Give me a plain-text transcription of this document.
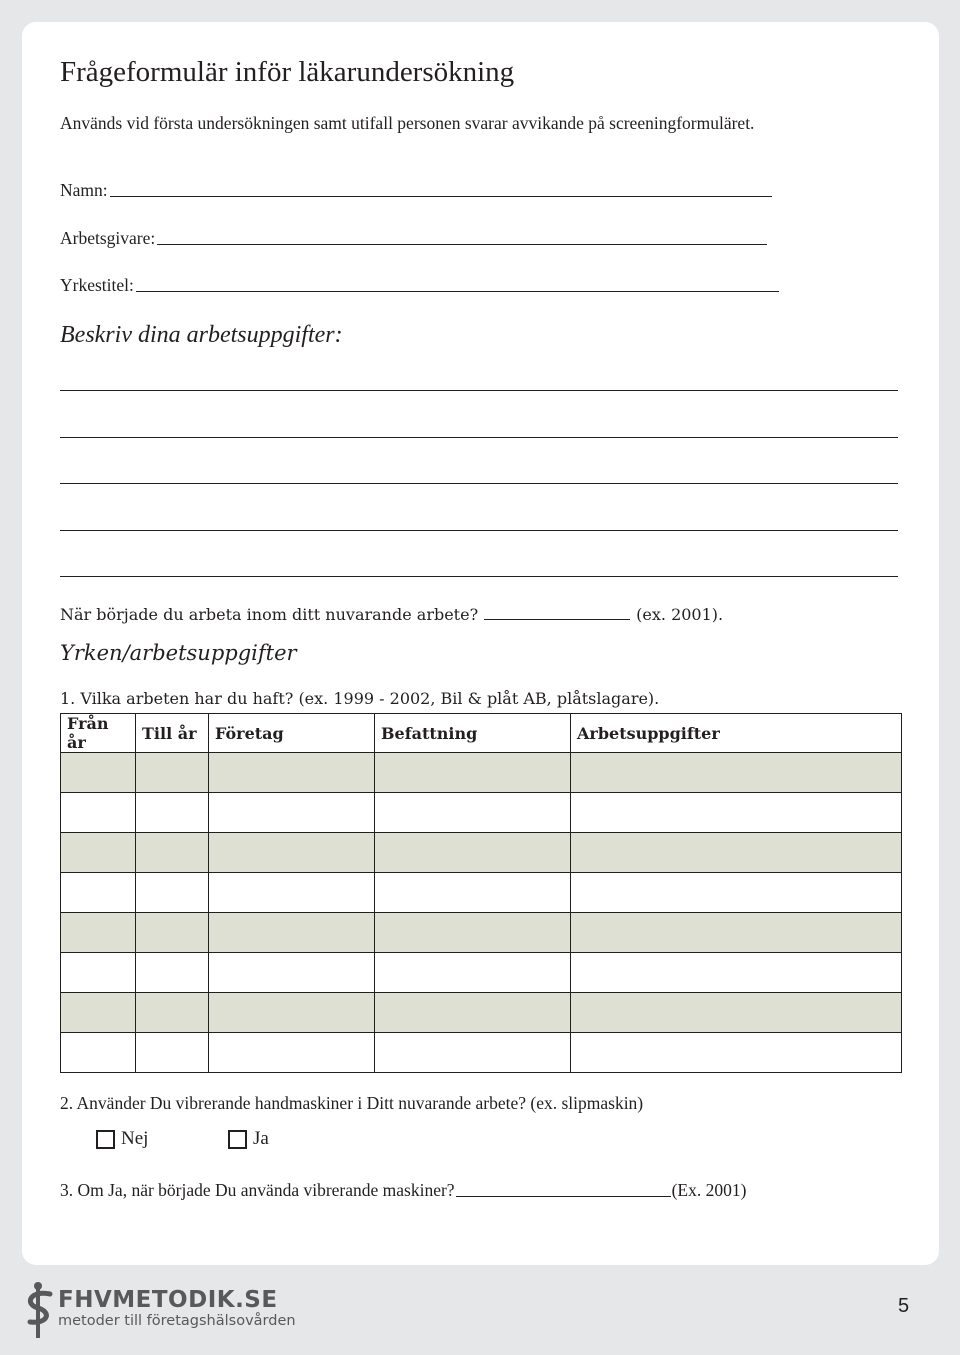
Frågeformulär inför läkarundersökning
Används vid första undersökningen samt utifall personen svarar avvikande på screeningformuläret.
Namn:
Arbetsgivare:
Yrkestitel:
Beskriv dina arbetsuppgifter:
När började du arbeta inom ditt nuvarande arbete?	(ex. 2001).
Yrken/arbetsuppgifter
1. Vilka arbeten har du haft? (ex. 1999 - 2002, Bil & plåt AB, plåtslagare).
Från år	Till år	Företag	Befattning	Arbetsuppgifter

2. Använder Du vibrerande handmaskiner i Ditt nuvarande arbete? (ex. slipmaskin)
Nej	Ja
3. Om Ja, när började Du använda vibrerande maskiner?	(Ex. 2001)
FHVMETODIK.SE
metoder till företagshälsovården
5
